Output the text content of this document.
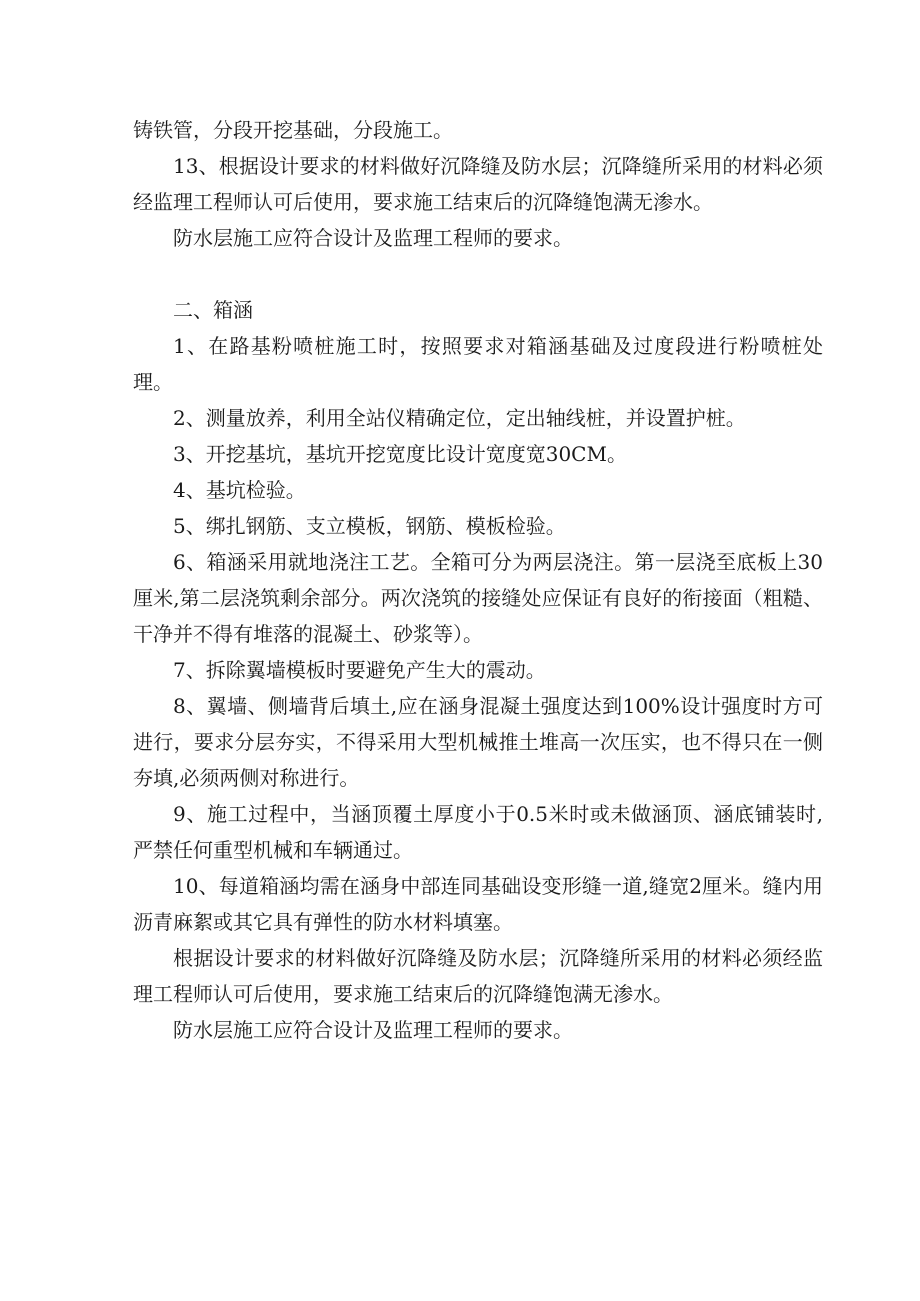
铸铁管，分段开挖基础，分段施工。

13、根据设计要求的材料做好沉降缝及防水层；沉降缝所采用的材料必须经监理工程师认可后使用，要求施工结束后的沉降缝饱满无渗水。

防水层施工应符合设计及监理工程师的要求。

二、箱涵

1、在路基粉喷桩施工时，按照要求对箱涵基础及过度段进行粉喷桩处理。

2、测量放养，利用全站仪精确定位，定出轴线桩，并设置护桩。

3、开挖基坑，基坑开挖宽度比设计宽度宽30CM。

4、基坑检验。

5、绑扎钢筋、支立模板，钢筋、模板检验。

6、箱涵采用就地浇注工艺。全箱可分为两层浇注。第一层浇至底板上30厘米,第二层浇筑剩余部分。两次浇筑的接缝处应保证有良好的衔接面（粗糙、干净并不得有堆落的混凝土、砂浆等）。

7、拆除翼墙模板时要避免产生大的震动。

8、翼墙、侧墙背后填土,应在涵身混凝土强度达到100%设计强度时方可进行，要求分层夯实，不得采用大型机械推土堆高一次压实，也不得只在一侧夯填,必须两侧对称进行。

9、施工过程中，当涵顶覆土厚度小于0.5米时或未做涵顶、涵底铺装时,严禁任何重型机械和车辆通过。

10、每道箱涵均需在涵身中部连同基础设变形缝一道,缝宽2厘米。缝内用沥青麻絮或其它具有弹性的防水材料填塞。

根据设计要求的材料做好沉降缝及防水层；沉降缝所采用的材料必须经监理工程师认可后使用，要求施工结束后的沉降缝饱满无渗水。

防水层施工应符合设计及监理工程师的要求。
